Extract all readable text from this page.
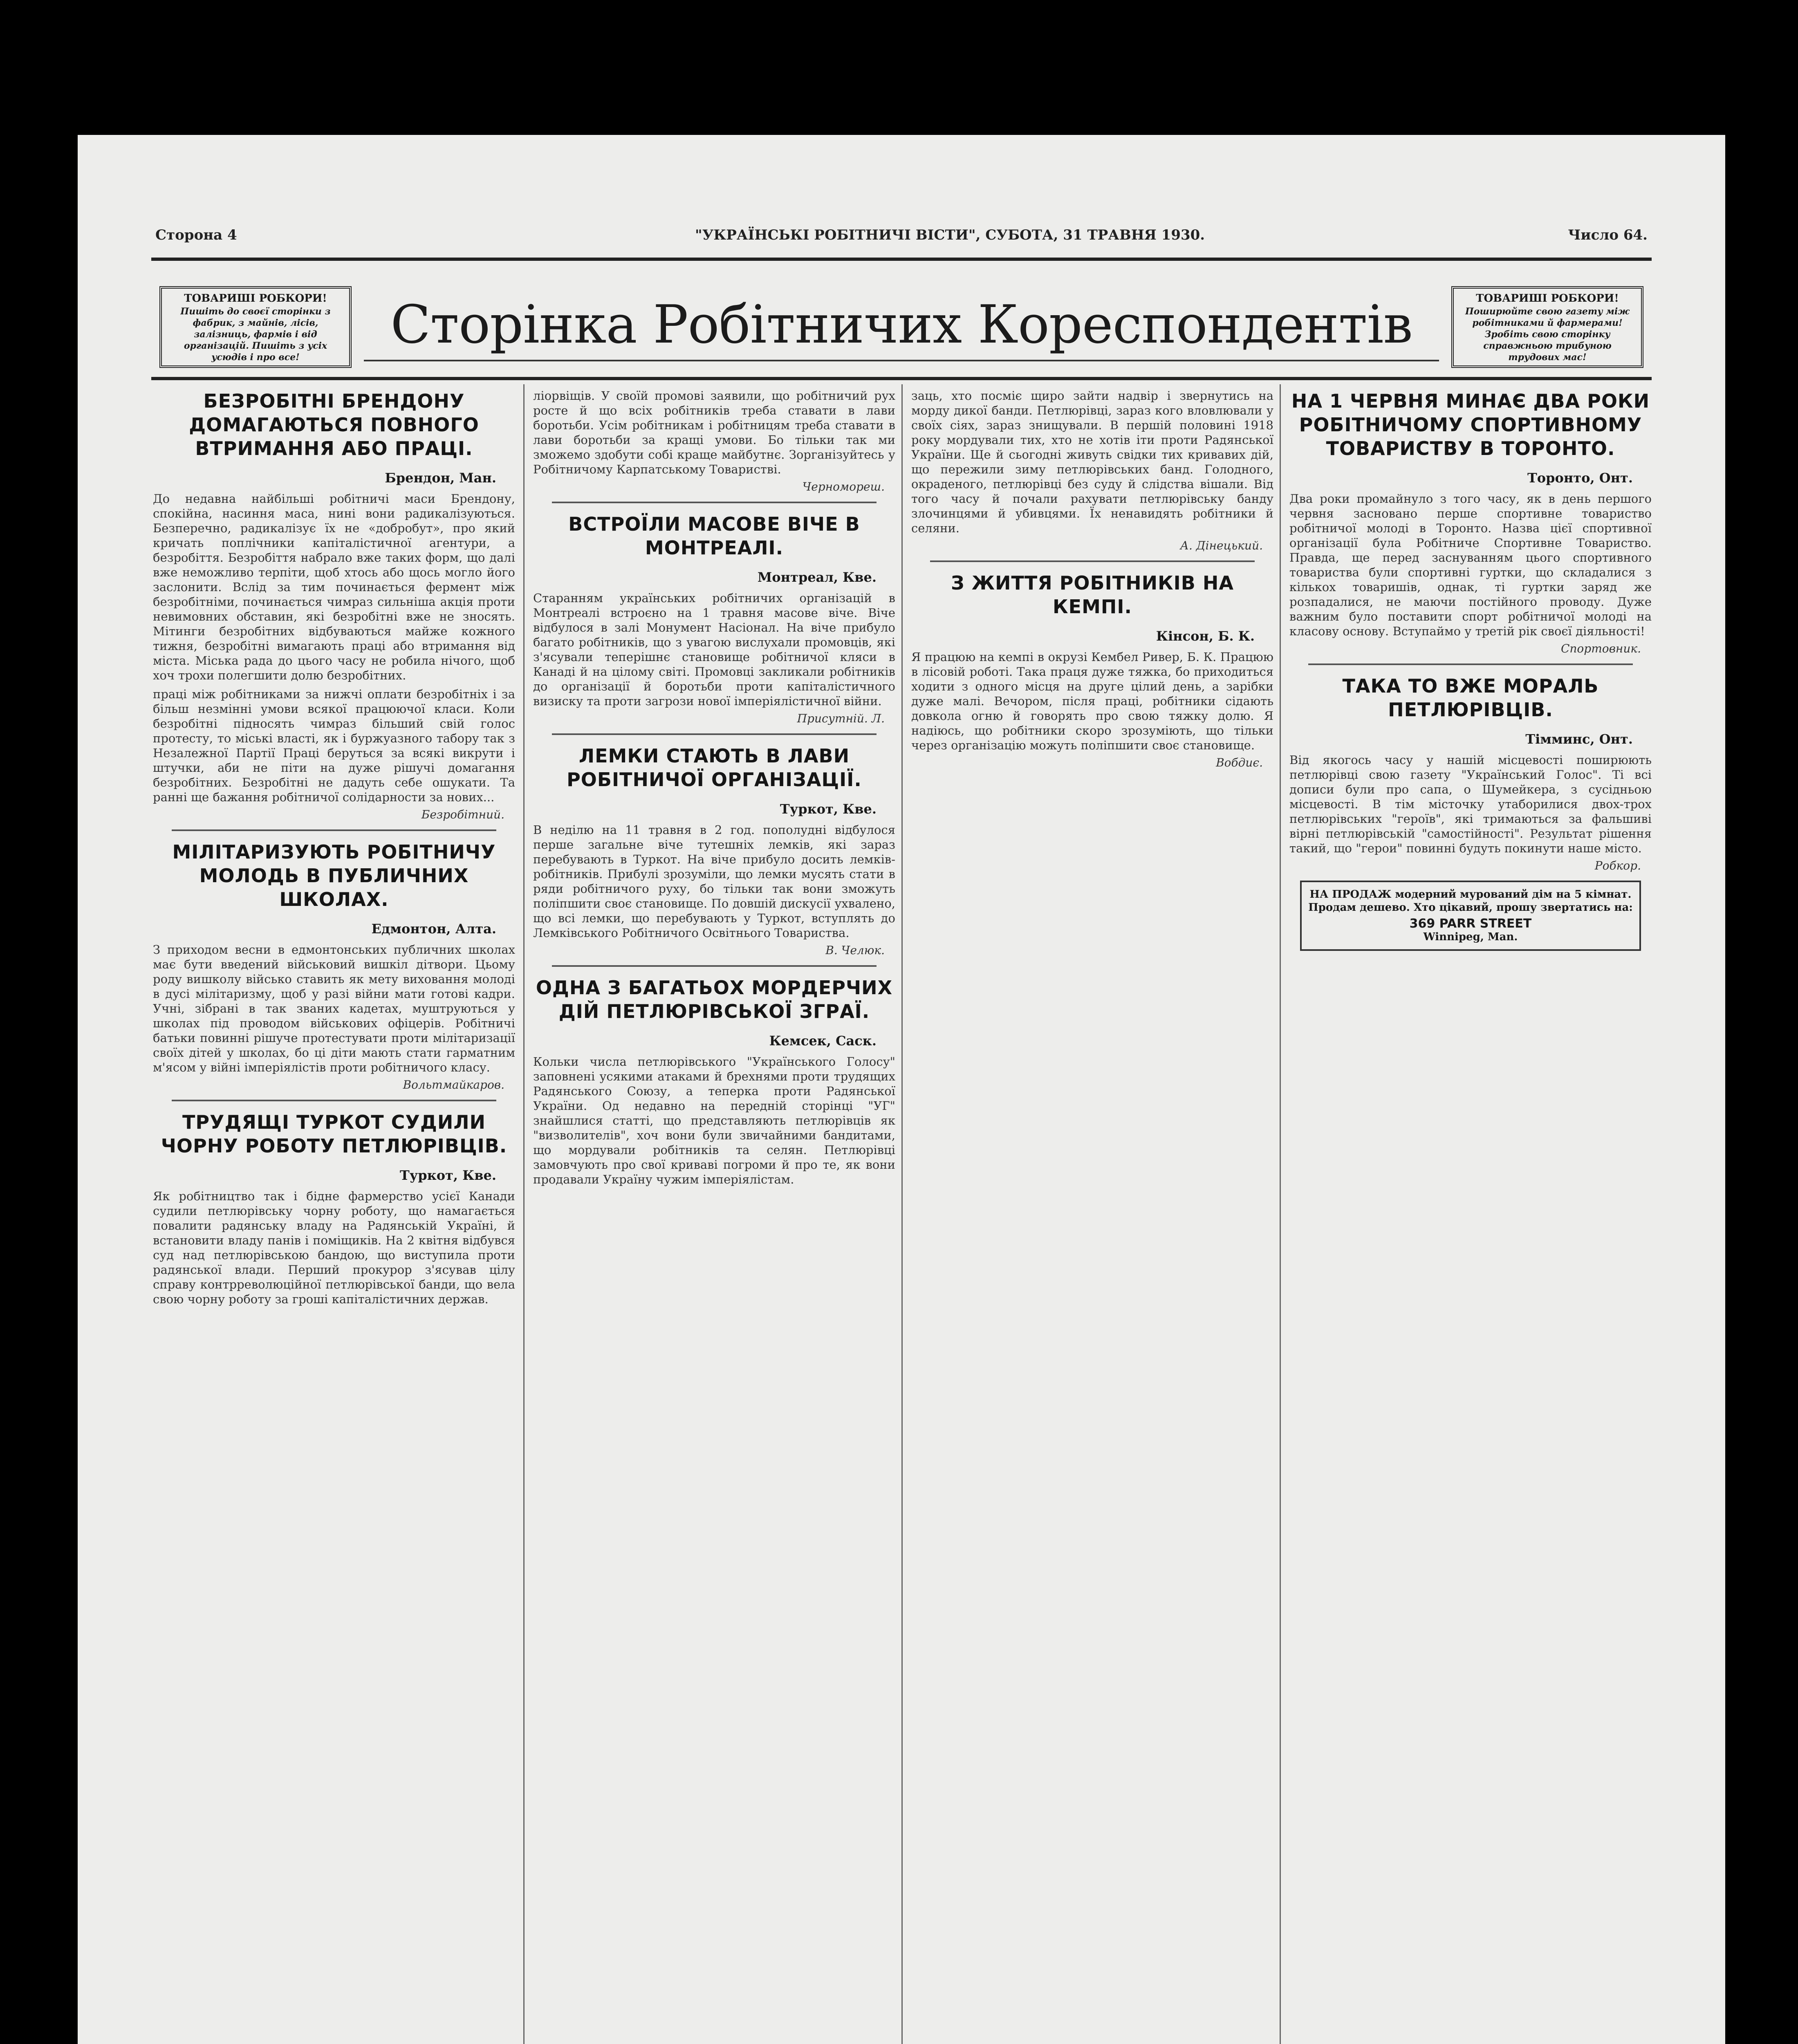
Сторона 4	"УКРАЇНСЬКІ РОБІТНИЧІ ВІСТИ", СУБОТА, 31 ТРАВНЯ 1930.	Число 64.
ТОВАРИШІ РОБКОРИ!
Пишіть до своєї сторінки з фабрик, з майнів, лісів, залізниць, фармів і від організацій. Пишіть з усіх усюдів і про все!
Сторінка Робітничих Кореспондентів	ТОВАРИШІ РОБКОРИ!
Поширюйте свою газету між робітниками й фармерами! Зробіть свою сторінку справжньою трибуною трудових мас!
БЕЗРОБІТНІ БРЕНДОНУ ДОМАГАЮТЬСЯ ПОВНОГО ВТРИМАННЯ АБО ПРАЦІ.
Брендон, Ман.
До недавна найбільші робітничі маси Брендону, спокійна, насиння маса, нині вони радикалізуються. Безперечно, радикалізує їх не «добробут», про який кричать поплічники капіталістичної агентури, а безробіття. Безробіття набрало вже таких форм, що далі вже неможливо терпіти, щоб хтось або щось могло його заслонити. Вслід за тим починається фермент між безробітніми, починається чимраз сильніша акція проти невимовних обставин, які безробітні вже не зносять. Мітинги безробітних відбуваються майже кожного тижня, безробітні вимагають праці або втримання від міста. Міська рада до цього часу не робила нічого, щоб хоч трохи полегшити долю безробітних.
праці між робітниками за нижчі оплати безробітніх і за більш незмінні умови всякої працюючої класи. Коли безробітні підносять чимраз більший свій голос протесту, то міські власті, як і буржуазного табору так з Незалежної Партії Праці беруться за всякі викрути і штучки, аби не піти на дуже рішучі домагання безробітних. Безробітні не дадуть себе ошукати. Та ранні ще бажання робітничої солідарности за нових...
Безробітний.
МІЛІТАРИЗУЮТЬ РОБІТНИЧУ МОЛОДЬ В ПУБЛИЧНИХ ШКОЛАХ.
Едмонтон, Алта.
З приходом весни в едмонтонських публичних школах має бути введений військовий вишкіл дітвори. Цьому роду вишколу військо ставить як мету виховання молоді в дусі мілітаризму, щоб у разі війни мати готові кадри. Учні, зібрані в так званих кадетах, муштруються у школах під проводом військових офіцерів. Робітничі батьки повинні рішуче протестувати проти мілітаризації своїх дітей у школах, бо ці діти мають стати гарматним м'ясом у війні імперіялістів проти робітничого класу.
Вольтмайкаров.
ТРУДЯЩІ ТУРКОТ СУДИЛИ ЧОРНУ РОБОТУ ПЕТЛЮРІВЦІВ.
Туркот, Кве.
Як робітництво так і бідне фармерство усієї Канади судили петлюрівську чорну роботу, що намагається повалити радянську владу на Радянській Україні, й встановити владу панів і поміщиків. На 2 квітня відбувся суд над петлюрівською бандою, що виступила проти радянської влади. Перший прокурор з'ясував цілу справу контрреволюційної петлюрівської банди, що вела свою чорну роботу за гроші капіталістичних держав.
ліорвіщів. У своїй промові заявили, що робітничий рух росте й що всіх робітників треба ставати в лави боротьби. Усім робітникам і робітницям треба ставати в лави боротьби за кращі умови. Бо тільки так ми зможемо здобути собі краще майбутнє. Зорганізуйтесь у Робітничому Карпатському Товаристві.
Черномореш.
ВСТРОЇЛИ МАСОВЕ ВІЧЕ В МОНТРЕАЛІ.
Монтреал, Кве.
Старанням українських робітничих організацій в Монтреалі встроєно на 1 травня масове віче. Віче відбулося в залі Монумент Насіонал. На віче прибуло багато робітників, що з увагою вислухали промовців, які з'ясували теперішнє становище робітничої кляси в Канаді й на цілому світі. Промовці закликали робітників до організації й боротьби проти капіталістичного визиску та проти загрози нової імперіялістичної війни.
Присутній. Л.
ЛЕМКИ СТАЮТЬ В ЛАВИ РОБІТНИЧОЇ ОРГАНІЗАЦІЇ.
Туркот, Кве.
В неділю на 11 травня в 2 год. пополудні відбулося перше загальне віче тутешніх лемків, які зараз перебувають в Туркот. На віче прибуло досить лемків-робітників. Прибулі зрозуміли, що лемки мусять стати в ряди робітничого руху, бо тільки так вони зможуть поліпшити своє становище. По довшій дискусії ухвалено, що всі лемки, що перебувають у Туркот, вступлять до Лемківського Робітничого Освітнього Товариства.
В. Челюк.
ОДНА З БАГАТЬОХ МОРДЕРЧИХ ДІЙ ПЕТЛЮРІВСЬКОЇ ЗГРАЇ.
Кемсек, Саск.
Кольки числа петлюрівського "Українського Голосу" заповнені усякими атаками й брехнями проти трудящих Радянського Союзу, а теперка проти Радянської України. Од недавно на передній сторінці "УГ" знайшлися статті, що представляють петлюрівців як "визволителів", хоч вони були звичайними бандитами, що мордували робітників та селян. Петлюрівці замовчують про свої криваві погроми й про те, як вони продавали Україну чужим імперіялістам.
заць, хто посміє щиро зайти надвір і звернутись на морду дикої банди. Петлюрівці, зараз кого вловлювали у своїх сіях, зараз знищували. В першій половині 1918 року мордували тих, хто не хотів іти проти Радянської України. Ще й сьогодні живуть свідки тих кривавих дій, що пережили зиму петлюрівських банд. Голодного, окраденого, петлюрівці без суду й слідства вішали. Від того часу й почали рахувати петлюрівську банду злочинцями й убивцями. Їх ненавидять робітники й селяни.
А. Дінецький.
З ЖИТТЯ РОБІТНИКІВ НА КЕМПІ.
Кінсон, Б. К.
Я працюю на кемпі в окрузі Кембел Ривер, Б. К. Працюю в лісовій роботі. Така праця дуже тяжка, бо приходиться ходити з одного місця на друге цілий день, а зарібки дуже малі. Вечором, після праці, робітники сідають довкола огню й говорять про свою тяжку долю. Я надіюсь, що робітники скоро зрозуміють, що тільки через організацію можуть поліпшити своє становище.
Вобдиє.
НА 1 ЧЕРВНЯ МИНАЄ ДВА РОКИ РОБІТНИЧОМУ СПОРТИВНОМУ ТОВАРИСТВУ В ТОРОНТО.
Торонто, Онт.
Два роки промайнуло з того часу, як в день першого червня засновано перше спортивне товариство робітничої молоді в Торонто. Назва цієї спортивної організації була Робітниче Спортивне Товариство. Правда, ще перед заснуванням цього спортивного товариства були спортивні гуртки, що складалися з кількох товаришів, однак, ті гуртки заряд же розпадалися, не маючи постійного проводу. Дуже важним було поставити спорт робітничої молоді на класову основу. Вступаймо у третій рік своєї діяльності!
Спортовник.
ТАКА ТО ВЖЕ МОРАЛЬ ПЕТЛЮРІВЦІВ.
Тімминс, Онт.
Від якогось часу у нашій місцевості поширюють петлюрівці свою газету "Український Голос". Ті всі дописи були про сапа, о Шумейкера, з сусідньою місцевості. В тім місточку утаборилися двох-трох петлюрівських "героїв", які тримаються за фальшиві вірні петлюрівській "самостійності". Результат рішення такий, що "герои" повинні будуть покинути наше місто.
Робкор.
НА ПРОДАЖ модерний муровaний дім на 5 кімнат. Продам дешево. Хто цікавий, прошу звертатись на:
369 PARR STREET
Winnipeg, Man.
